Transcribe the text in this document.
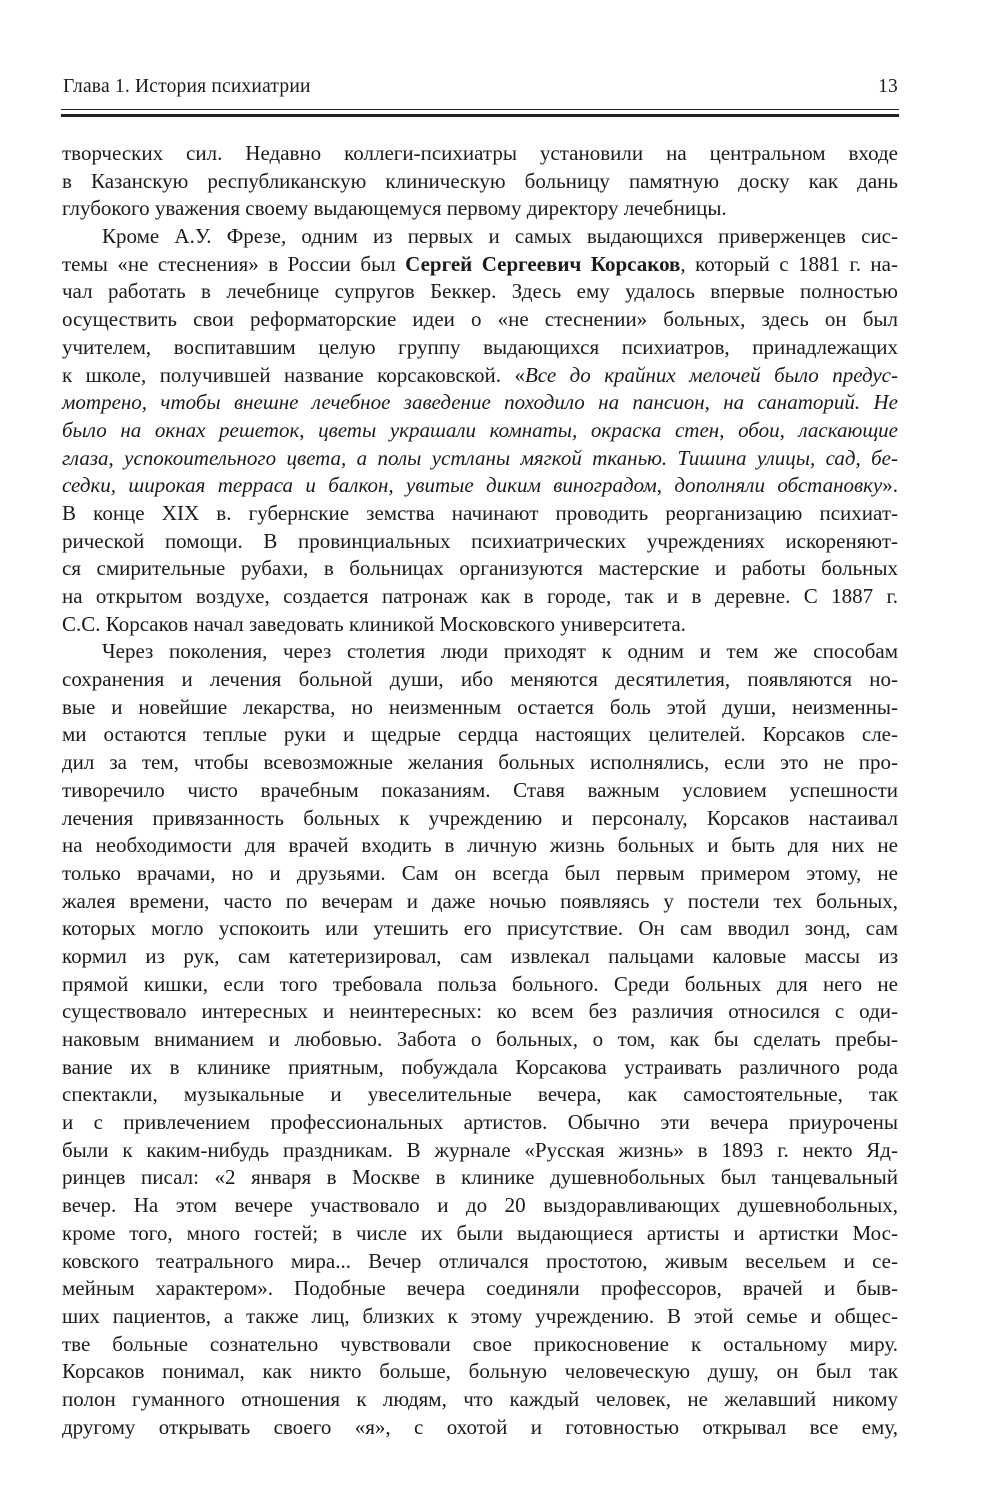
Глава 1. История психиатрии	13
творческих сил. Недавно коллеги-психиатры установили на центральном входе
в Казанскую республиканскую клиническую больницу памятную доску как дань
глубокого уважения своему выдающемуся первому директору лечебницы.
Кроме А.У. Фрезе, одним из первых и самых выдающихся приверженцев сис-
темы «не стеснения» в России был Сергей Сергеевич Корсаков, который с 1881 г. на-
чал работать в лечебнице супругов Беккер. Здесь ему удалось впервые полностью
осуществить свои реформаторские идеи о «не стеснении» больных, здесь он был
учителем, воспитавшим целую группу выдающихся психиатров, принадлежащих
к школе, получившей название корсаковской. «Все до крайних мелочей было предус-
мотрено, чтобы внешне лечебное заведение походило на пансион, на санаторий. Не
было на окнах решеток, цветы украшали комнаты, окраска стен, обои, ласкающие
глаза, успокоительного цвета, а полы устланы мягкой тканью. Тишина улицы, сад, бе-
седки, широкая терраса и балкон, увитые диким виноградом, дополняли обстановку».
В конце XIX в. губернские земства начинают проводить реорганизацию психиат-
рической помощи. В провинциальных психиатрических учреждениях искореняют-
ся смирительные рубахи, в больницах организуются мастерские и работы больных
на открытом воздухе, создается патронаж как в городе, так и в деревне. С 1887 г.
С.С. Корсаков начал заведовать клиникой Московского университета.
Через поколения, через столетия люди приходят к одним и тем же способам
сохранения и лечения больной души, ибо меняются десятилетия, появляются но-
вые и новейшие лекарства, но неизменным остается боль этой души, неизменны-
ми остаются теплые руки и щедрые сердца настоящих целителей. Корсаков сле-
дил за тем, чтобы всевозможные желания больных исполнялись, если это не про-
тиворечило чисто врачебным показаниям. Ставя важным условием успешности
лечения привязанность больных к учреждению и персоналу, Корсаков настаивал
на необходимости для врачей входить в личную жизнь больных и быть для них не
только врачами, но и друзьями. Сам он всегда был первым примером этому, не
жалея времени, часто по вечерам и даже ночью появляясь у постели тех больных,
которых могло успокоить или утешить его присутствие. Он сам вводил зонд, сам
кормил из рук, сам катетеризировал, сам извлекал пальцами каловые массы из
прямой кишки, если того требовала польза больного. Среди больных для него не
существовало интересных и неинтересных: ко всем без различия относился с оди-
наковым вниманием и любовью. Забота о больных, о том, как бы сделать пребы-
вание их в клинике приятным, побуждала Корсакова устраивать различного рода
спектакли, музыкальные и увеселительные вечера, как самостоятельные, так
и с привлечением профессиональных артистов. Обычно эти вечера приурочены
были к каким-нибудь праздникам. В журнале «Русская жизнь» в 1893 г. некто Яд-
ринцев писал: «2 января в Москве в клинике душевнобольных был танцевальный
вечер. На этом вечере участвовало и до 20 выздоравливающих душевнобольных,
кроме того, много гостей; в числе их были выдающиеся артисты и артистки Мос-
ковского театрального мира... Вечер отличался простотою, живым весельем и се-
мейным характером». Подобные вечера соединяли профессоров, врачей и быв-
ших пациентов, а также лиц, близких к этому учреждению. В этой семье и общес-
тве больные сознательно чувствовали свое прикосновение к остальному миру.
Корсаков понимал, как никто больше, больную человеческую душу, он был так
полон гуманного отношения к людям, что каждый человек, не желавший никому
другому открывать своего «я», с охотой и готовностью открывал все ему,
